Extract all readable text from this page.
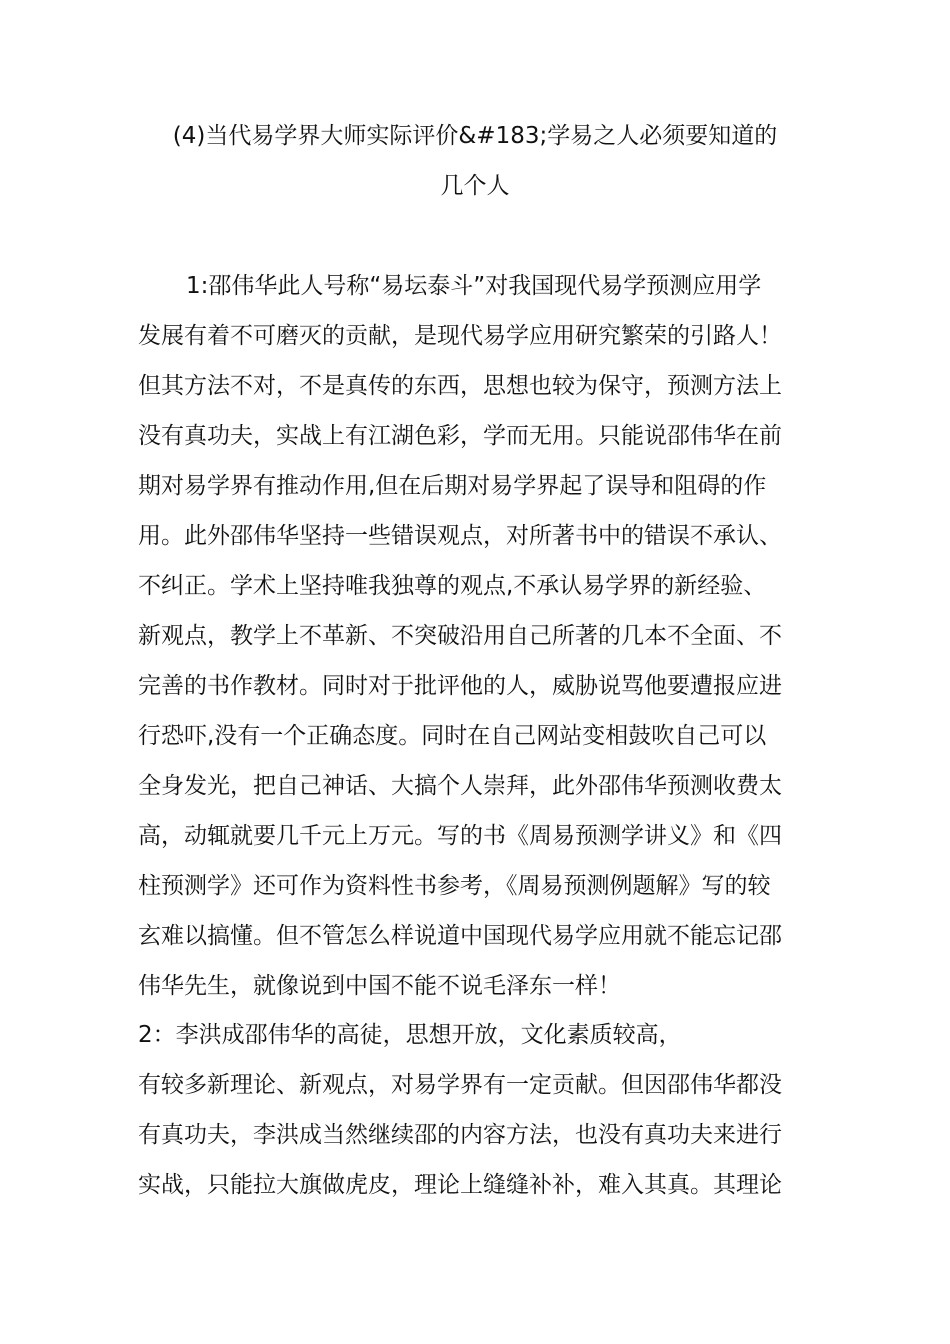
(4)当代易学界大师实际评价&#183;学易之人必须要知道的
几个人
1:邵伟华此人号称“易坛泰斗”对我国现代易学预测应用学
发展有着不可磨灭的贡献，是现代易学应用研究繁荣的引路人！
但其方法不对，不是真传的东西，思想也较为保守，预测方法上
没有真功夫，实战上有江湖色彩，学而无用。只能说邵伟华在前
期对易学界有推动作用,但在后期对易学界起了误导和阻碍的作
用。此外邵伟华坚持一些错误观点，对所著书中的错误不承认、
不纠正。学术上坚持唯我独尊的观点,不承认易学界的新经验、
新观点，教学上不革新、不突破沿用自己所著的几本不全面、不
完善的书作教材。同时对于批评他的人，威胁说骂他要遭报应进
行恐吓,没有一个正确态度。同时在自己网站变相鼓吹自己可以
全身发光，把自己神话、大搞个人崇拜，此外邵伟华预测收费太
高，动辄就要几千元上万元。写的书《周易预测学讲义》和《四
柱预测学》还可作为资料性书参考，《周易预测例题解》写的较
玄难以搞懂。但不管怎么样说道中国现代易学应用就不能忘记邵
伟华先生，就像说到中国不能不说毛泽东一样！
2：李洪成邵伟华的高徒，思想开放，文化素质较高，
有较多新理论、新观点，对易学界有一定贡献。但因邵伟华都没
有真功夫，李洪成当然继续邵的内容方法，也没有真功夫来进行
实战，只能拉大旗做虎皮，理论上缝缝补补，难入其真。其理论
